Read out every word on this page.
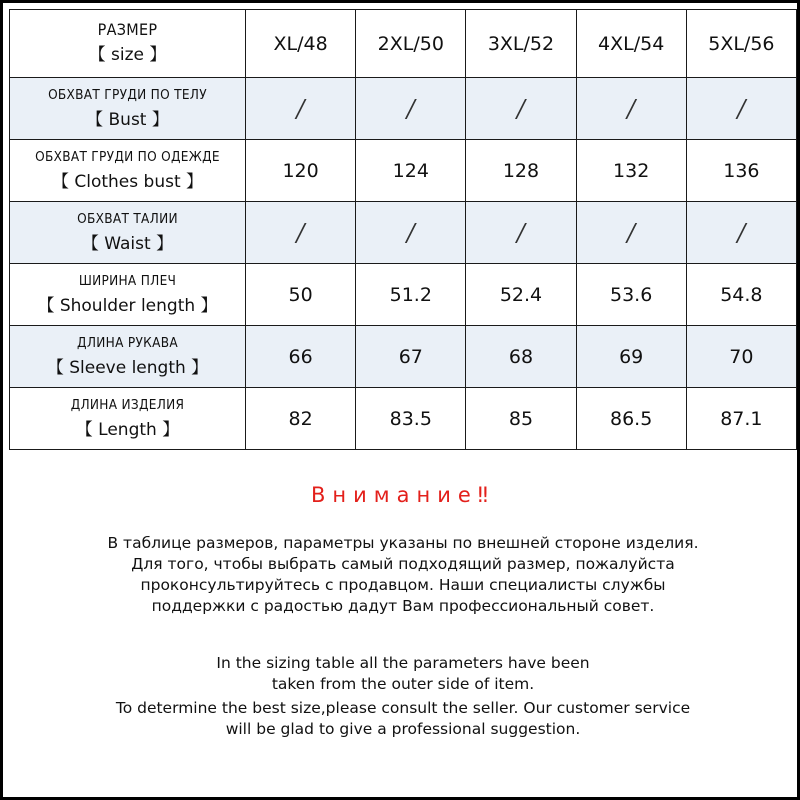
РАЗМЕР
【 size 】	XL/48	2XL/50	3XL/52	4XL/54	5XL/56

ОБХВАТ ГРУДИ ПО ТЕЛУ
【 Bust 】	/	/	/	/	/

ОБХВАТ ГРУДИ ПО ОДЕЖДЕ
【 Clothes bust 】	120	124	128	132	136

ОБХВАТ ТАЛИИ
【 Waist 】	/	/	/	/	/

ШИРИНА ПЛЕЧ
【 Shoulder length 】	50	51.2	52.4	53.6	54.8

ДЛИНА РУКАВА
【 Sleeve length 】	66	67	68	69	70

ДЛИНА ИЗДЕЛИЯ
【 Length 】	82	83.5	85	86.5	87.1
Внимание‼
В таблице размеров, параметры указаны по внешней стороне изделия.
Для того, чтобы выбрать самый подходящий размер, пожалуйста
проконсультируйтесь с продавцом. Наши специалисты службы
поддержки с радостью дадут Вам профессиональный совет.
In the sizing table all the parameters have been
taken from the outer side of item.
To determine the best size,please consult the seller. Our customer service
will be glad to give a professional suggestion.
